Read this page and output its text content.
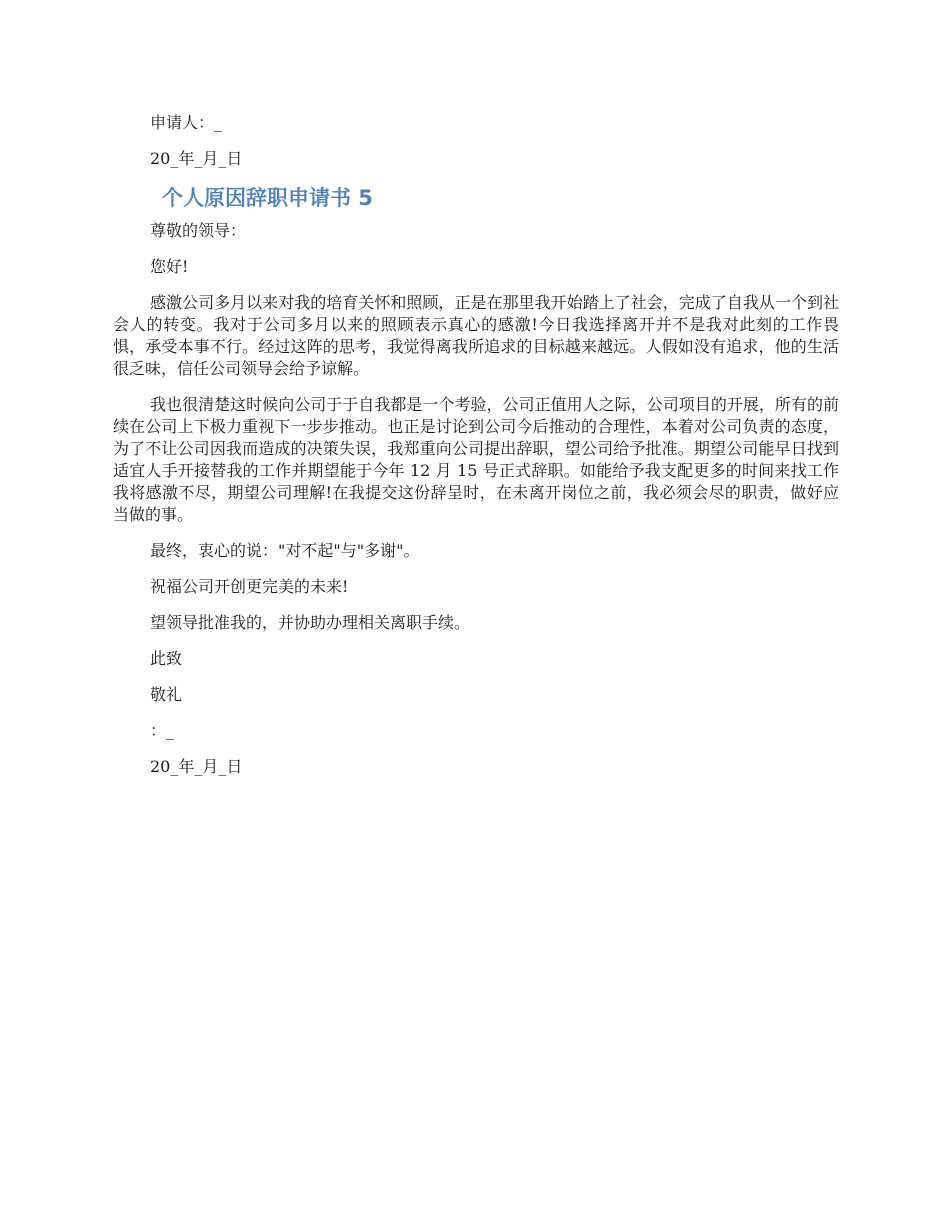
申请人：_

20_年_月_日

个人原因辞职申请书 5

尊敬的领导：

您好!

感激公司多月以来对我的培育关怀和照顾，正是在那里我开始踏上了社会，完成了自我从一个到社会人的转变。我对于公司多月以来的照顾表示真心的感激!今日我选择离开并不是我对此刻的工作畏惧，承受本事不行。经过这阵的思考，我觉得离我所追求的目标越来越远。人假如没有追求，他的生活很乏味，信任公司领导会给予谅解。

我也很清楚这时候向公司于于自我都是一个考验，公司正值用人之际，公司项目的开展，所有的前续在公司上下极力重视下一步步推动。也正是讨论到公司今后推动的合理性，本着对公司负责的态度，为了不让公司因我而造成的决策失误，我郑重向公司提出辞职，望公司给予批准。期望公司能早日找到适宜人手开接替我的工作并期望能于今年 12 月 15 号正式辞职。如能给予我支配更多的时间来找工作我将感激不尽，期望公司理解!在我提交这份辞呈时，在未离开岗位之前，我必须会尽的职责，做好应当做的事。

最终，衷心的说："对不起"与"多谢"。

祝福公司开创更完美的未来!

望领导批准我的，并协助办理相关离职手续。

此致

敬礼

：_

20_年_月_日
